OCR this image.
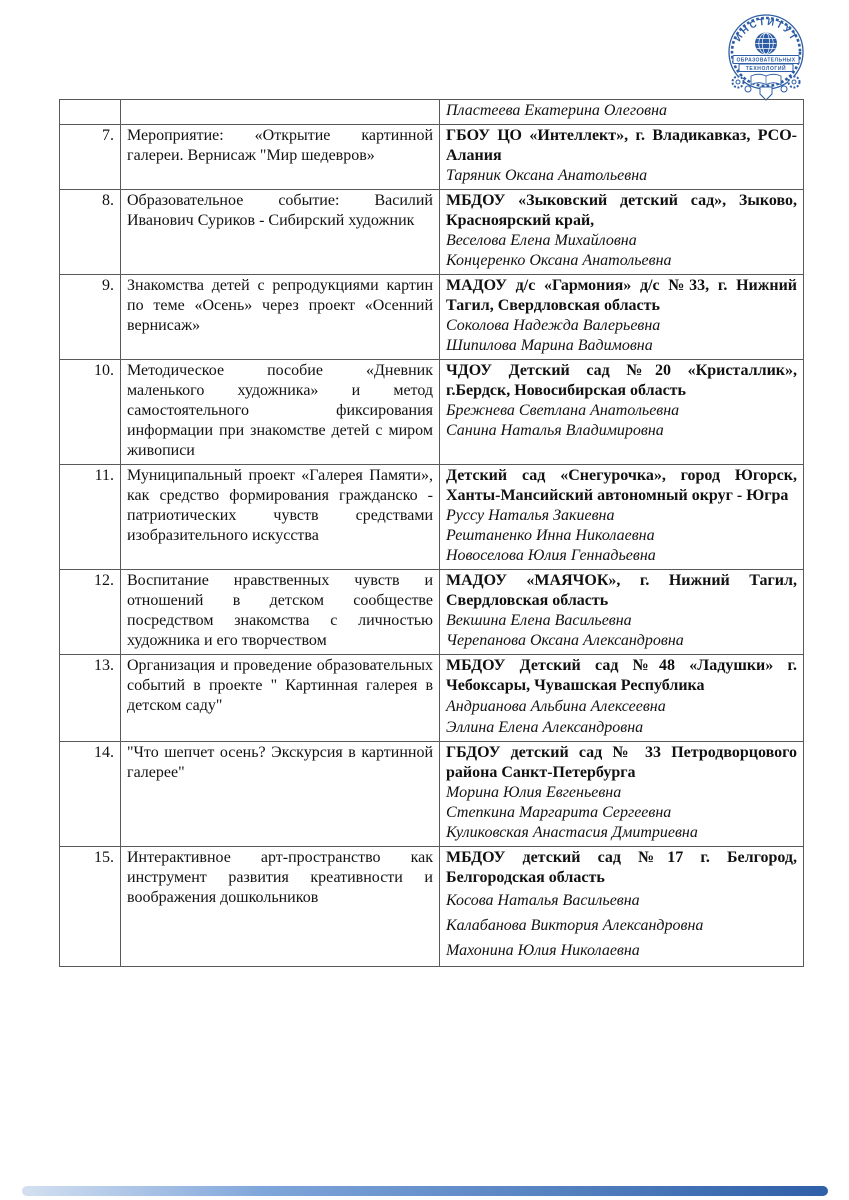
ИНСТИТУТ
ОБРАЗОВАТЕЛЬНЫХ
ТЕХНОЛОГИЙ

		Пластеева Екатерина Олеговна

7.	Мероприятие: «Открытие картинной галереи. Вернисаж "Мир шедевров»	ГБОУ ЦО «Интеллект», г. Владикавказ, РСО-Алания
Таряник Оксана Анатольевна

8.	Образовательное событие: Василий Иванович Суриков - Сибирский художник	МБДОУ «Зыковский детский сад», Зыково, Красноярский край,
Веселова Елена Михайловна
Концеренко Оксана Анатольевна

9.	Знакомства детей с репродукциями картин по теме «Осень» через проект «Осенний вернисаж»	МАДОУ д/с «Гармония» д/с №33, г. Нижний Тагил, Свердловская область
Соколова Надежда Валерьевна
Шипилова Марина Вадимовна

10.	Методическое пособие «Дневник маленького художника» и метод самостоятельного фиксирования информации при знакомстве детей с миром живописи	ЧДОУ Детский сад №20 «Кристаллик», г.Бердск, Новосибирская область
Брежнева Светлана Анатольевна
Санина Наталья Владимировна

11.	Муниципальный проект «Галерея Памяти», как средство формирования гражданско - патриотических чувств средствами изобразительного искусства	Детский сад «Снегурочка», город Югорск, Ханты-Мансийский автономный округ - Югра
Руссу Наталья Закиевна
Рештаненко Инна Николаевна
Новоселова Юлия Геннадьевна

12.	Воспитание нравственных чувств и отношений в детском сообществе посредством знакомства с личностью художника и его творчеством	МАДОУ «МАЯЧОК», г. Нижний Тагил, Свердловская область
Векшина Елена Васильевна
Черепанова Оксана Александровна

13.	Организация и проведение образовательных событий в проекте " Картинная галерея в детском саду"	МБДОУ Детский сад №48 «Ладушки» г. Чебоксары, Чувашская Республика
Андрианова Альбина Алексеевна
Эллина Елена Александровна

14.	"Что шепчет осень? Экскурсия в картинной галерее"	ГБДОУ детский сад № 33 Петродворцового района Санкт-Петербурга
Морина Юлия Евгеньевна
Степкина Маргарита Сергеевна
Куликовская Анастасия Дмитриевна

15.	Интерактивное арт-пространство как инструмент развития креативности и воображения дошкольников	МБДОУ детский сад №17 г. Белгород, Белгородская область
Косова Наталья Васильевна
Калабанова Виктория Александровна
Махонина Юлия Николаевна
